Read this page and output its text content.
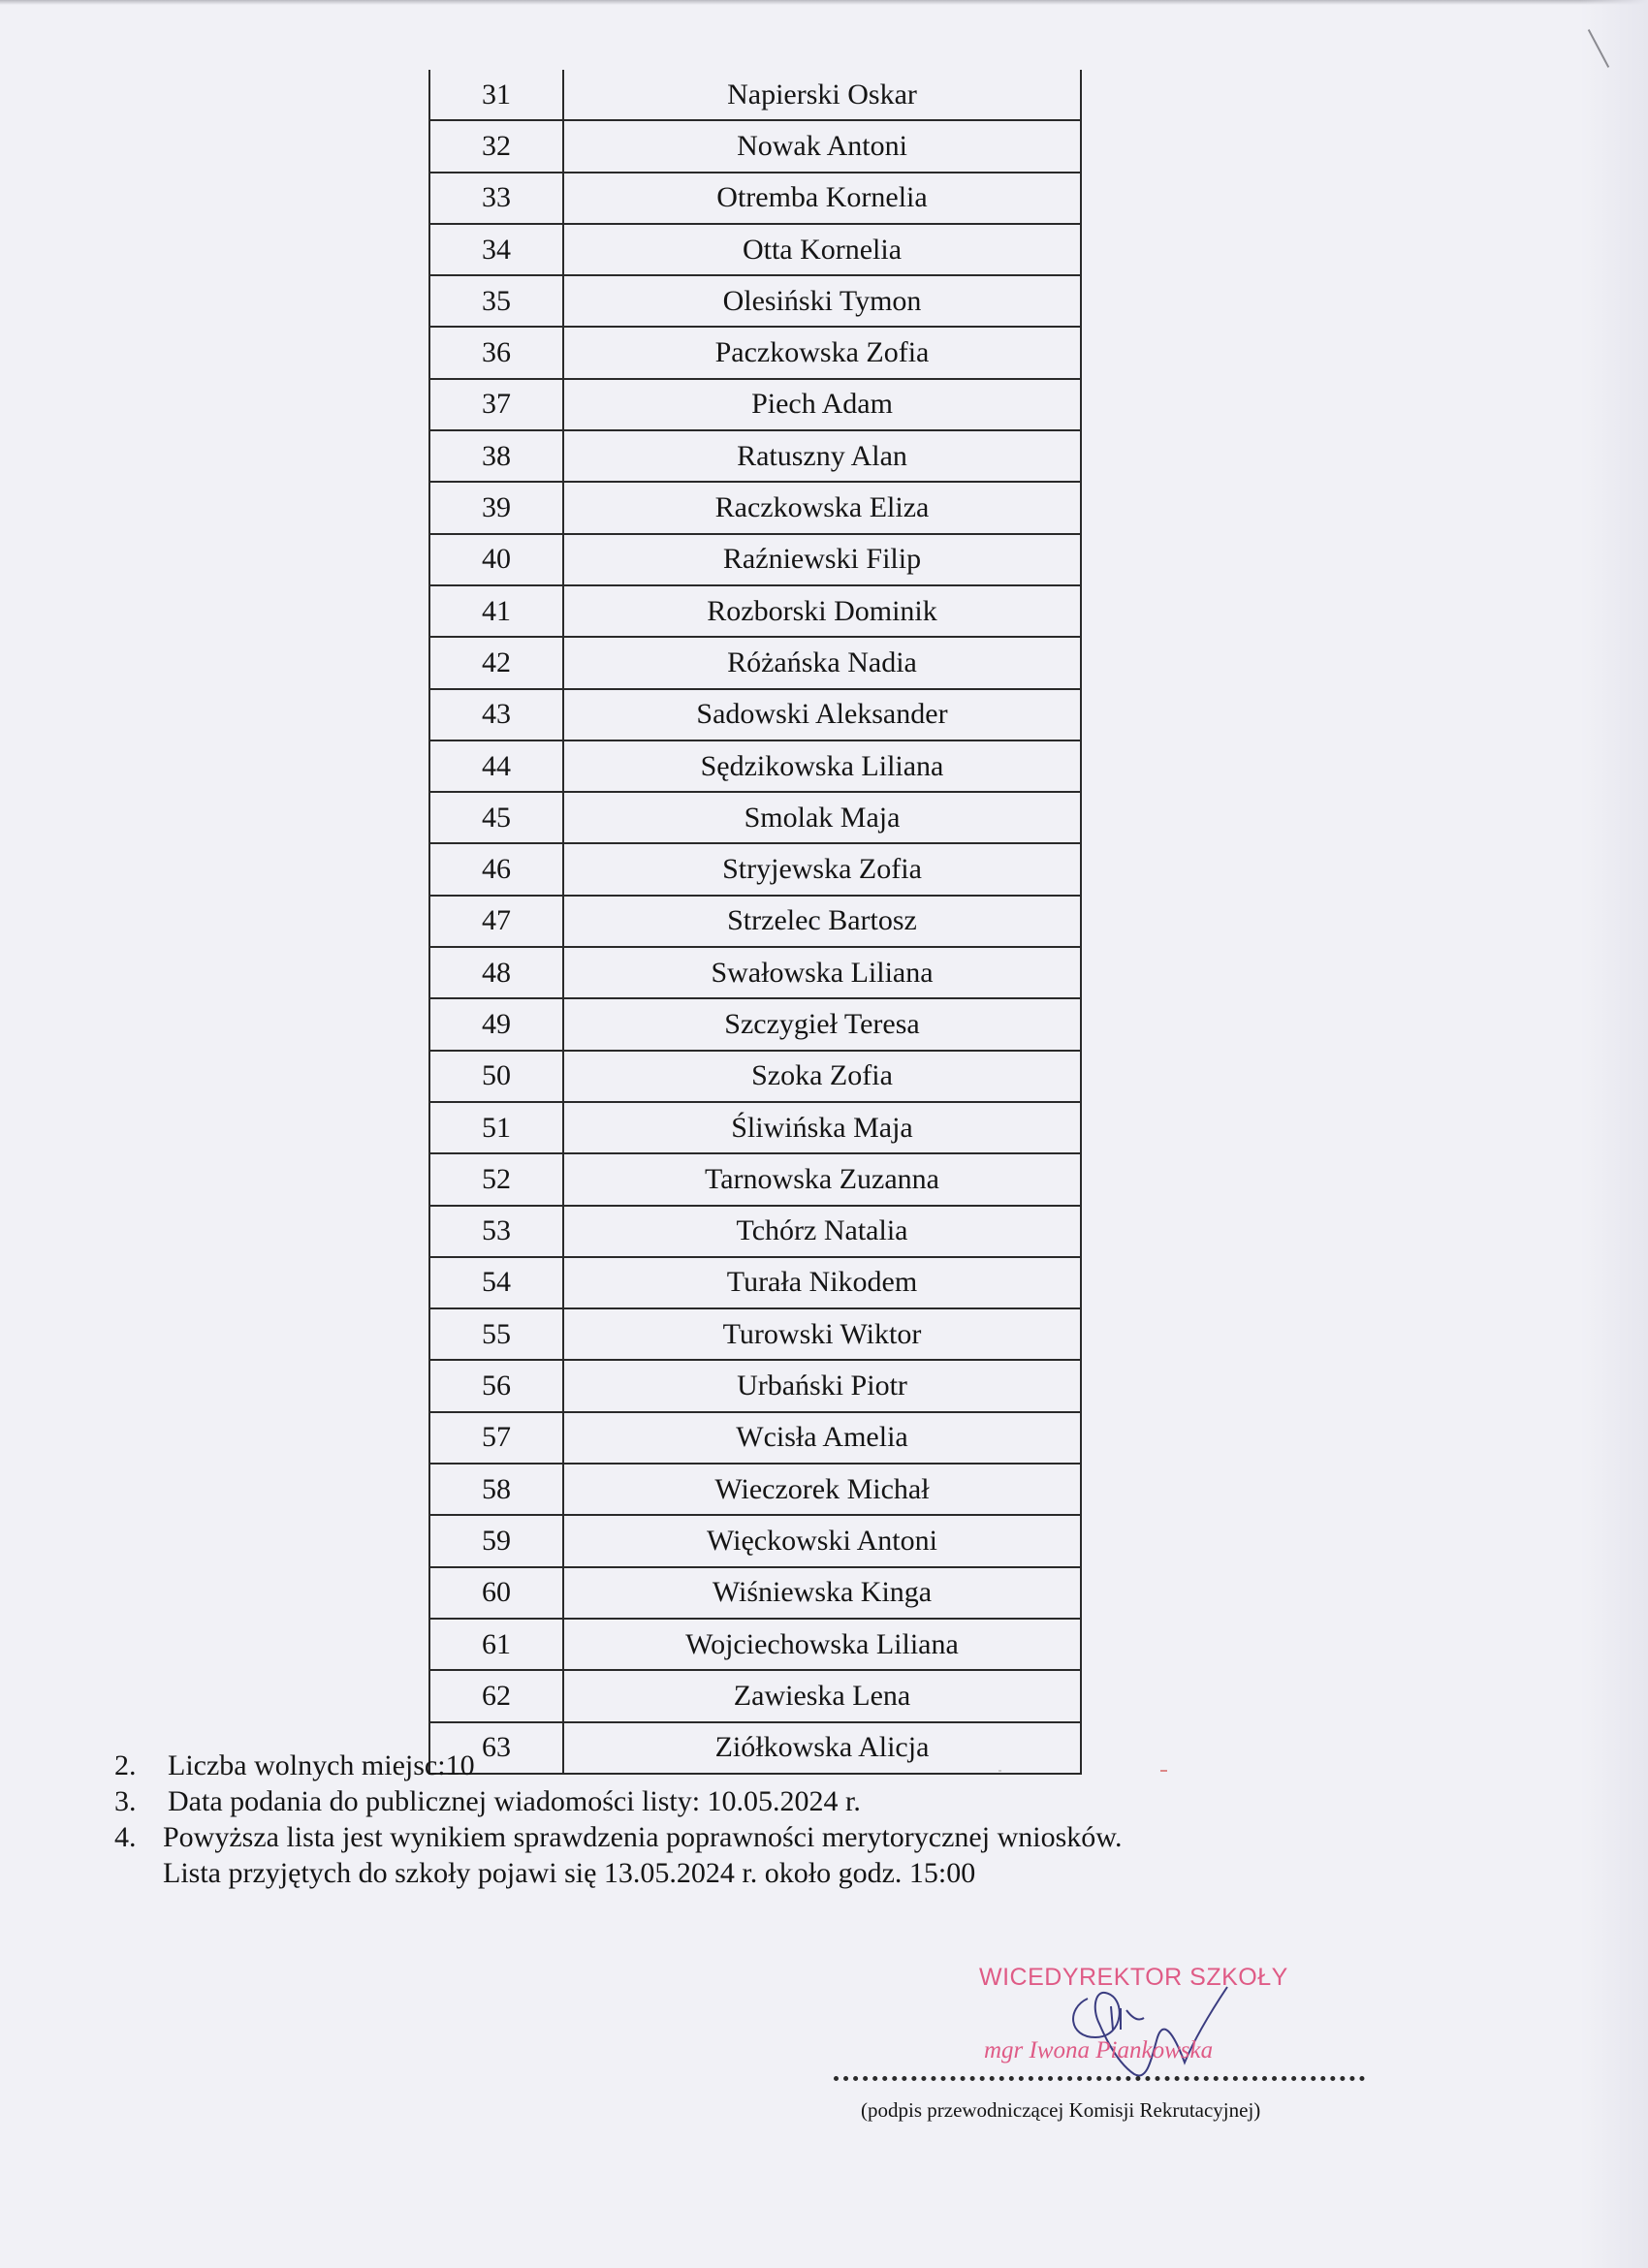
31	Napierski Oskar
32	Nowak Antoni
33	Otremba Kornelia
34	Otta Kornelia
35	Olesiński Tymon
36	Paczkowska Zofia
37	Piech Adam
38	Ratuszny Alan
39	Raczkowska Eliza
40	Raźniewski Filip
41	Rozborski Dominik
42	Różańska Nadia
43	Sadowski Aleksander
44	Sędzikowska Liliana
45	Smolak Maja
46	Stryjewska Zofia
47	Strzelec Bartosz
48	Swałowska Liliana
49	Szczygieł Teresa
50	Szoka Zofia
51	Śliwińska Maja
52	Tarnowska Zuzanna
53	Tchórz Natalia
54	Turała Nikodem
55	Turowski Wiktor
56	Urbański Piotr
57	Wcisła Amelia
58	Wieczorek Michał
59	Więckowski Antoni
60	Wiśniewska Kinga
61	Wojciechowska Liliana
62	Zawieska Lena
63	Ziółkowska Alicja
2. Liczba wolnych miejsc:10
3. Data podania do publicznej wiadomości listy: 10.05.2024 r.
4. Powyższa lista jest wynikiem sprawdzenia poprawności merytorycznej wniosków.
Lista przyjętych do szkoły pojawi się 13.05.2024 r. około godz. 15:00
WICEDYREKTOR SZKOŁY
mgr Iwona Piankowska
(podpis przewodniczącej Komisji Rekrutacyjnej)
